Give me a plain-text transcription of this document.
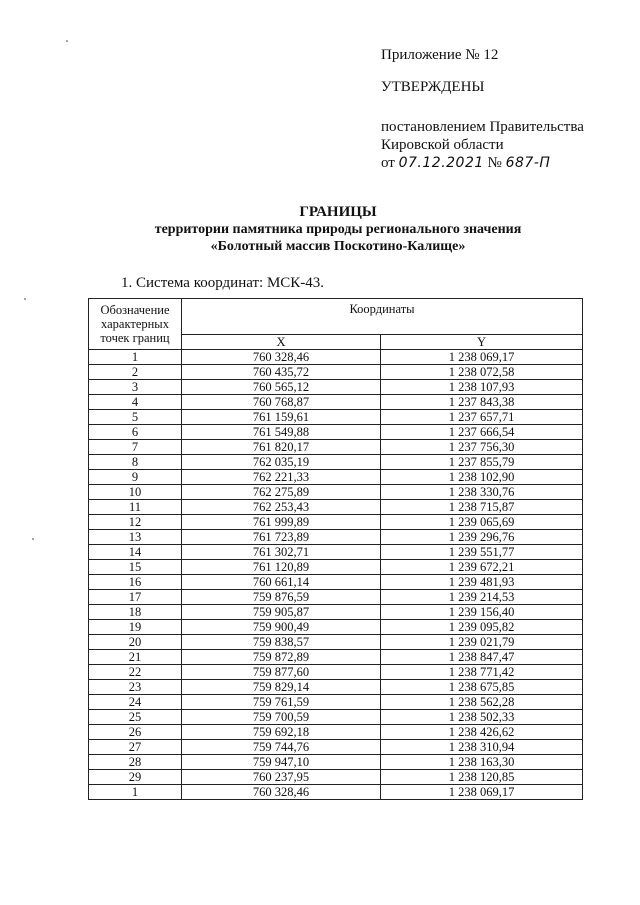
Приложение № 12
УТВЕРЖДЕНЫ
постановлением Правительства
Кировской области
от 07.12.2021 № 687-П
ГРАНИЦЫ
территории памятника природы регионального значения
«Болотный массив Поскотино-Калище»
1. Система координат: МСК-43.
Обозначение характерных точек границ	Координаты	
	X	Y
1	760 328,46	1 238 069,17
2	760 435,72	1 238 072,58
3	760 565,12	1 238 107,93
4	760 768,87	1 237 843,38
5	761 159,61	1 237 657,71
6	761 549,88	1 237 666,54
7	761 820,17	1 237 756,30
8	762 035,19	1 237 855,79
9	762 221,33	1 238 102,90
10	762 275,89	1 238 330,76
11	762 253,43	1 238 715,87
12	761 999,89	1 239 065,69
13	761 723,89	1 239 296,76
14	761 302,71	1 239 551,77
15	761 120,89	1 239 672,21
16	760 661,14	1 239 481,93
17	759 876,59	1 239 214,53
18	759 905,87	1 239 156,40
19	759 900,49	1 239 095,82
20	759 838,57	1 239 021,79
21	759 872,89	1 238 847,47
22	759 877,60	1 238 771,42
23	759 829,14	1 238 675,85
24	759 761,59	1 238 562,28
25	759 700,59	1 238 502,33
26	759 692,18	1 238 426,62
27	759 744,76	1 238 310,94
28	759 947,10	1 238 163,30
29	760 237,95	1 238 120,85
1	760 328,46	1 238 069,17
